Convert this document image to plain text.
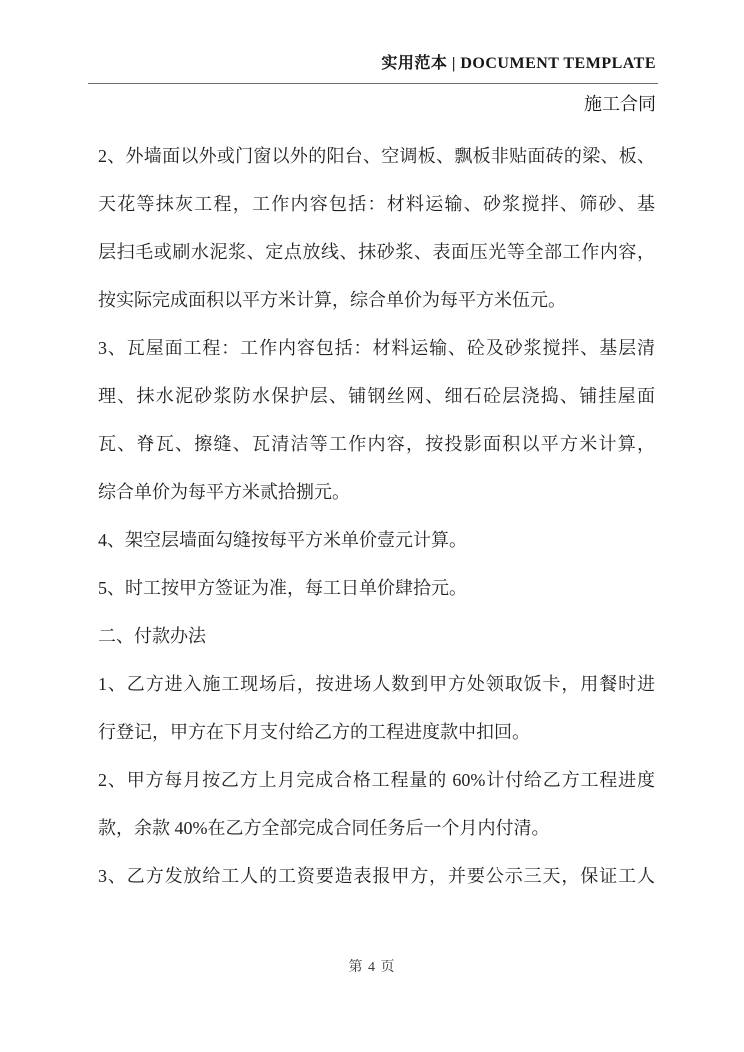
实用范本 | DOCUMENT TEMPLATE
施工合同
2、外墙面以外或门窗以外的阳台、空调板、飘板非贴面砖的梁、板、
天花等抹灰工程，工作内容包括：材料运输、砂浆搅拌、筛砂、基
层扫毛或刷水泥浆、定点放线、抹砂浆、表面压光等全部工作内容，
按实际完成面积以平方米计算，综合单价为每平方米伍元。
3、瓦屋面工程：工作内容包括：材料运输、砼及砂浆搅拌、基层清
理、抹水泥砂浆防水保护层、铺钢丝网、细石砼层浇捣、铺挂屋面
瓦、脊瓦、擦缝、瓦清洁等工作内容，按投影面积以平方米计算，
综合单价为每平方米贰拾捌元。
4、架空层墙面勾缝按每平方米单价壹元计算。
5、时工按甲方签证为准，每工日单价肆拾元。
二、付款办法
1、乙方进入施工现场后，按进场人数到甲方处领取饭卡，用餐时进
行登记，甲方在下月支付给乙方的工程进度款中扣回。
2、甲方每月按乙方上月完成合格工程量的 60%计付给乙方工程进度
款，余款 40%在乙方全部完成合同任务后一个月内付清。
3、乙方发放给工人的工资要造表报甲方，并要公示三天，保证工人
第 4 页
